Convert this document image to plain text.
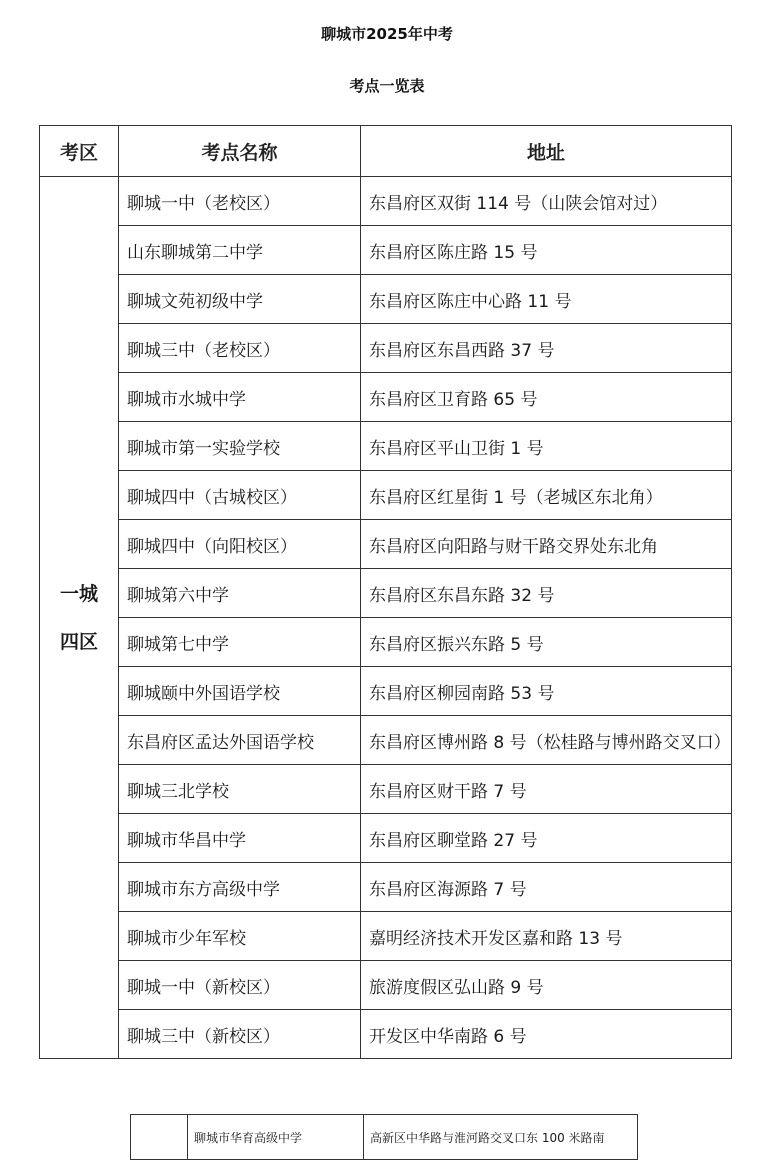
聊城市2025年中考
考点一览表
考区	考点名称	地址

一城
四区	聊城一中（老校区）	东昌府区双街 114 号（山陕会馆对过）
	山东聊城第二中学	东昌府区陈庄路 15 号
	聊城文苑初级中学	东昌府区陈庄中心路 11 号
	聊城三中（老校区）	东昌府区东昌西路 37 号
	聊城市水城中学	东昌府区卫育路 65 号
	聊城市第一实验学校	东昌府区平山卫街 1 号
	聊城四中（古城校区）	东昌府区红星街 1 号（老城区东北角）
	聊城四中（向阳校区）	东昌府区向阳路与财干路交界处东北角
	聊城第六中学	东昌府区东昌东路 32 号
	聊城第七中学	东昌府区振兴东路 5 号
	聊城颐中外国语学校	东昌府区柳园南路 53 号
	东昌府区孟达外国语学校	东昌府区博州路 8 号（松桂路与博州路交叉口）
	聊城三北学校	东昌府区财干路 7 号
	聊城市华昌中学	东昌府区聊堂路 27 号
	聊城市东方高级中学	东昌府区海源路 7 号
	聊城市少年军校	嘉明经济技术开发区嘉和路 13 号
	聊城一中（新校区）	旅游度假区弘山路 9 号
	聊城三中（新校区）	开发区中华南路 6 号
	聊城市华育高级中学	高新区中华路与淮河路交叉口东 100 米路南
